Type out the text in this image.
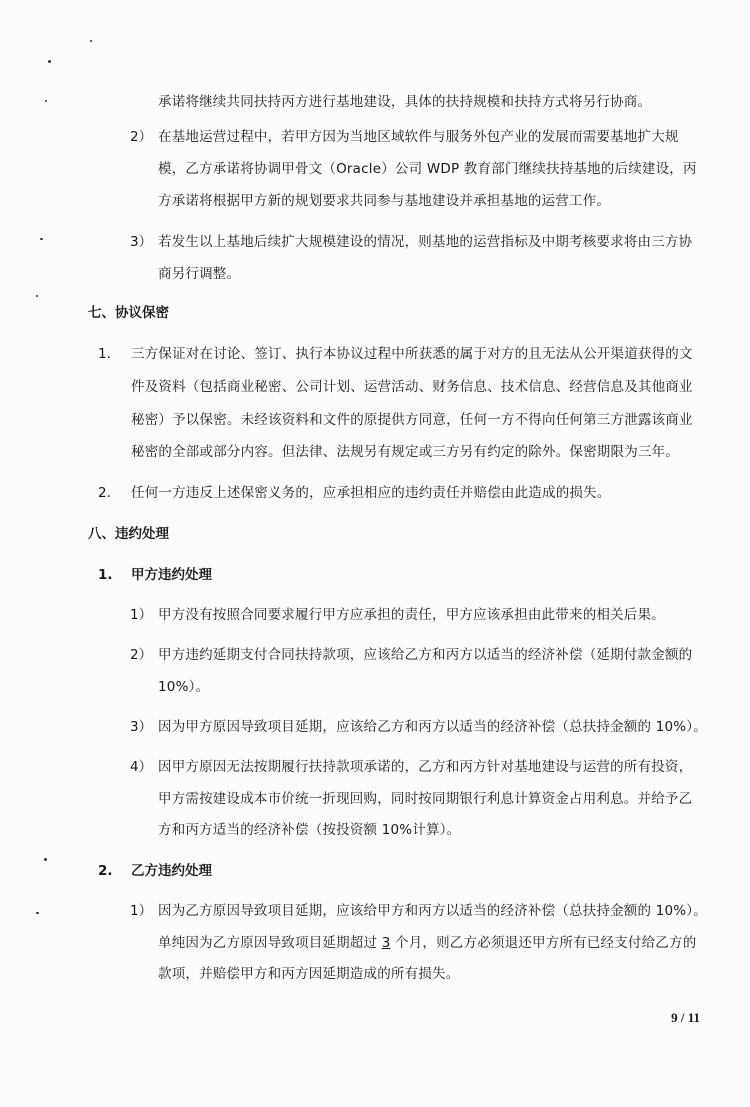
承诺将继续共同扶持丙方进行基地建设，具体的扶持规模和扶持方式将另行协商。
2） 在基地运营过程中，若甲方因为当地区域软件与服务外包产业的发展而需要基地扩大规
模，乙方承诺将协调甲骨文（Oracle）公司 WDP 教育部门继续扶持基地的后续建设，丙
方承诺将根据甲方新的规划要求共同参与基地建设并承担基地的运营工作。
3） 若发生以上基地后续扩大规模建设的情况，则基地的运营指标及中期考核要求将由三方协
商另行调整。
七、协议保密
1. 三方保证对在讨论、签订、执行本协议过程中所获悉的属于对方的且无法从公开渠道获得的文
件及资料（包括商业秘密、公司计划、运营活动、财务信息、技术信息、经营信息及其他商业
秘密）予以保密。未经该资料和文件的原提供方同意，任何一方不得向任何第三方泄露该商业
秘密的全部或部分内容。但法律、法规另有规定或三方另有约定的除外。保密期限为三年。
2. 任何一方违反上述保密义务的，应承担相应的违约责任并赔偿由此造成的损失。
八、违约处理
1. 甲方违约处理
1） 甲方没有按照合同要求履行甲方应承担的责任，甲方应该承担由此带来的相关后果。
2） 甲方违约延期支付合同扶持款项，应该给乙方和丙方以适当的经济补偿（延期付款金额的
10%）。
3） 因为甲方原因导致项目延期，应该给乙方和丙方以适当的经济补偿（总扶持金额的 10%）。
4） 因甲方原因无法按期履行扶持款项承诺的，乙方和丙方针对基地建设与运营的所有投资，
甲方需按建设成本市价统一折现回购，同时按同期银行利息计算资金占用利息。并给予乙
方和丙方适当的经济补偿（按投资额 10%计算）。
2. 乙方违约处理
1） 因为乙方原因导致项目延期，应该给甲方和丙方以适当的经济补偿（总扶持金额的 10%）。
单纯因为乙方原因导致项目延期超过 3 个月，则乙方必须退还甲方所有已经支付给乙方的
款项，并赔偿甲方和丙方因延期造成的所有损失。
9 / 11
